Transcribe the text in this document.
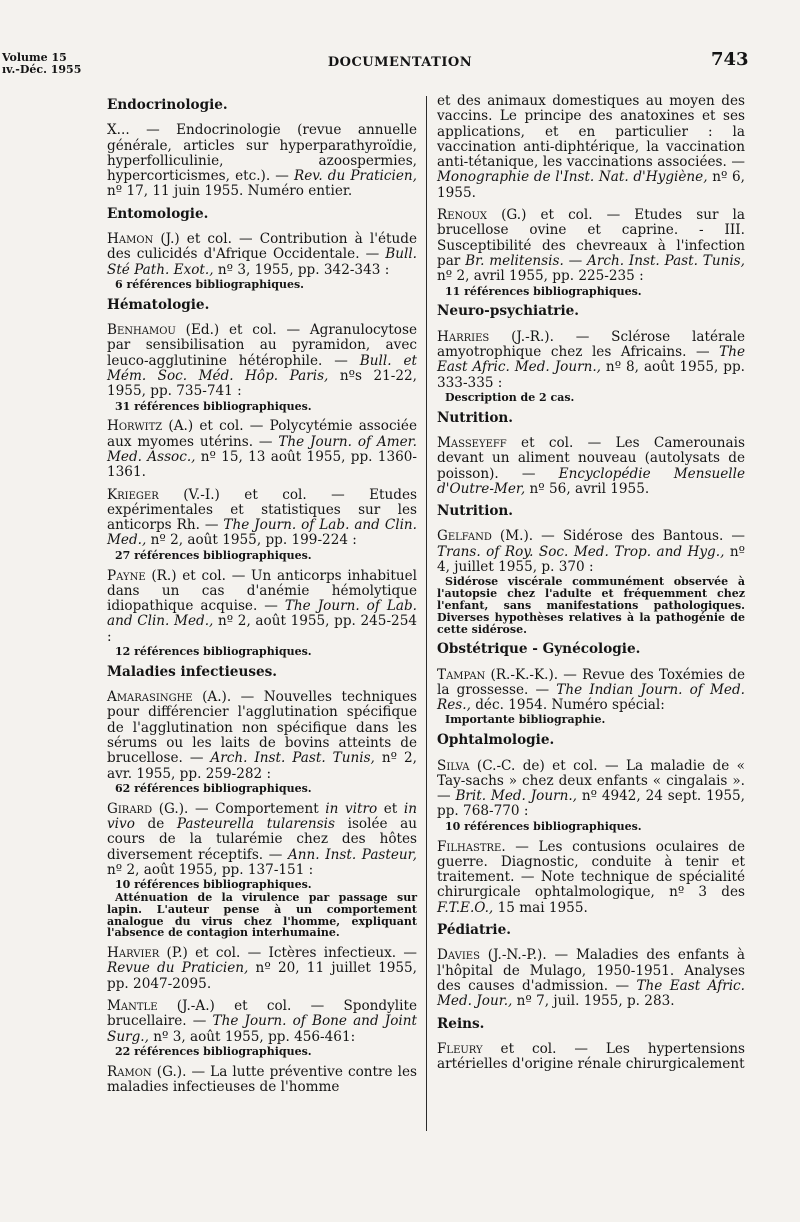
Volume 15
ıv.-Déc. 1955	DOCUMENTATION	743
Endocrinologie.

X... — Endocrinologie (revue annuelle générale, articles sur hyperparathyroïdie, hyperfolliculinie, azoospermies, hypercorticismes, etc.). — Rev. du Praticien, nº 17, 11 juin 1955. Numéro entier.

Entomologie.

Hamon (J.) et col. — Contribution à l'étude des culicidés d'Afrique Occidentale. — Bull. Sté Path. Exot., nº 3, 1955, pp. 342-343 :

6 références bibliographiques.
Hématologie.

Benhamou (Ed.) et col. — Agranulocytose par sensibilisation au pyramidon, avec leuco-agglutinine hétérophile. — Bull. et Mém. Soc. Méd. Hôp. Paris, nºs 21-22, 1955, pp. 735-741 :

31 références bibliographiques.

Horwitz (A.) et col. — Polycytémie associée aux myomes utérins. — The Journ. of Amer. Med. Assoc., nº 15, 13 août 1955, pp. 1360-1361.

Krieger (V.-I.) et col. — Etudes expérimentales et statistiques sur les anticorps Rh. — The Journ. of Lab. and Clin. Med., nº 2, août 1955, pp. 199-224 :

27 références bibliographiques.

Payne (R.) et col. — Un anticorps inhabituel dans un cas d'anémie hémolytique idiopathique acquise. — The Journ. of Lab. and Clin. Med., nº 2, août 1955, pp. 245-254 :

12 références bibliographiques.
Maladies infectieuses.

Amarasinghe (A.). — Nouvelles techniques pour différencier l'agglutination spécifique de l'agglutination non spécifique dans les sérums ou les laits de bovins atteints de brucellose. — Arch. Inst. Past. Tunis, nº 2, avr. 1955, pp. 259-282 :

62 références bibliographiques.

Girard (G.). — Comportement in vitro et in vivo de Pasteurella tularensis isolée au cours de la tularémie chez des hôtes diversement réceptifs. — Ann. Inst. Pasteur, nº 2, août 1955, pp. 137-151 :

10 références bibliographiques.
Atténuation de la virulence par passage sur lapin. L'auteur pense à un comportement analogue du virus chez l'homme, expliquant l'absence de contagion interhumaine.

Harvier (P.) et col. — Ictères infectieux. — Revue du Praticien, nº 20, 11 juillet 1955, pp. 2047-2095.

Mantle (J.-A.) et col. — Spondylite brucellaire. — The Journ. of Bone and Joint Surg., nº 3, août 1955, pp. 456-461:

22 références bibliographiques.

Ramon (G.). — La lutte préventive contre les maladies infectieuses de l'homme

et des animaux domestiques au moyen des vaccins. Le principe des anatoxines et ses applications, et en particulier : la vaccination anti-diphtérique, la vaccination anti-tétanique, les vaccinations associées. — Monographie de l'Inst. Nat. d'Hygiène, nº 6, 1955.

Renoux (G.) et col. — Etudes sur la brucellose ovine et caprine. - III. Susceptibilité des chevreaux à l'infection par Br. melitensis. — Arch. Inst. Past. Tunis, nº 2, avril 1955, pp. 225-235 :

11 références bibliographiques.
Neuro-psychiatrie.

Harries (J.-R.). — Sclérose latérale amyotrophique chez les Africains. — The East Afric. Med. Journ., nº 8, août 1955, pp. 333-335 :

Description de 2 cas.
Nutrition.

Masseyeff et col. — Les Camerounais devant un aliment nouveau (autolysats de poisson). — Encyclopédie Mensuelle d'Outre-Mer, nº 56, avril 1955.

Nutrition.

Gelfand (M.). — Sidérose des Bantous. — Trans. of Roy. Soc. Med. Trop. and Hyg., nº 4, juillet 1955, p. 370 :

Sidérose viscérale communément observée à l'autopsie chez l'adulte et fréquemment chez l'enfant, sans manifestations pathologiques. Diverses hypothèses relatives à la pathogénie de cette sidérose.
Obstétrique - Gynécologie.

Tampan (R.-K.-K.). — Revue des Toxémies de la grossesse. — The Indian Journ. of Med. Res., déc. 1954. Numéro spécial:

Importante bibliographie.
Ophtalmologie.

Silva (C.-C. de) et col. — La maladie de « Tay-sachs » chez deux enfants « cingalais ». — Brit. Med. Journ., nº 4942, 24 sept. 1955, pp. 768-770 :

10 références bibliographiques.

Filhastre. — Les contusions oculaires de guerre. Diagnostic, conduite à tenir et traitement. — Note technique de spécialité chirurgicale ophtalmologique, nº 3 des F.T.E.O., 15 mai 1955.

Pédiatrie.

Davies (J.-N.-P.). — Maladies des enfants à l'hôpital de Mulago, 1950-1951. Analyses des causes d'admission. — The East Afric. Med. Jour., nº 7, juil. 1955, p. 283.

Reins.

Fleury et col. — Les hypertensions artérielles d'origine rénale chirurgicalement
